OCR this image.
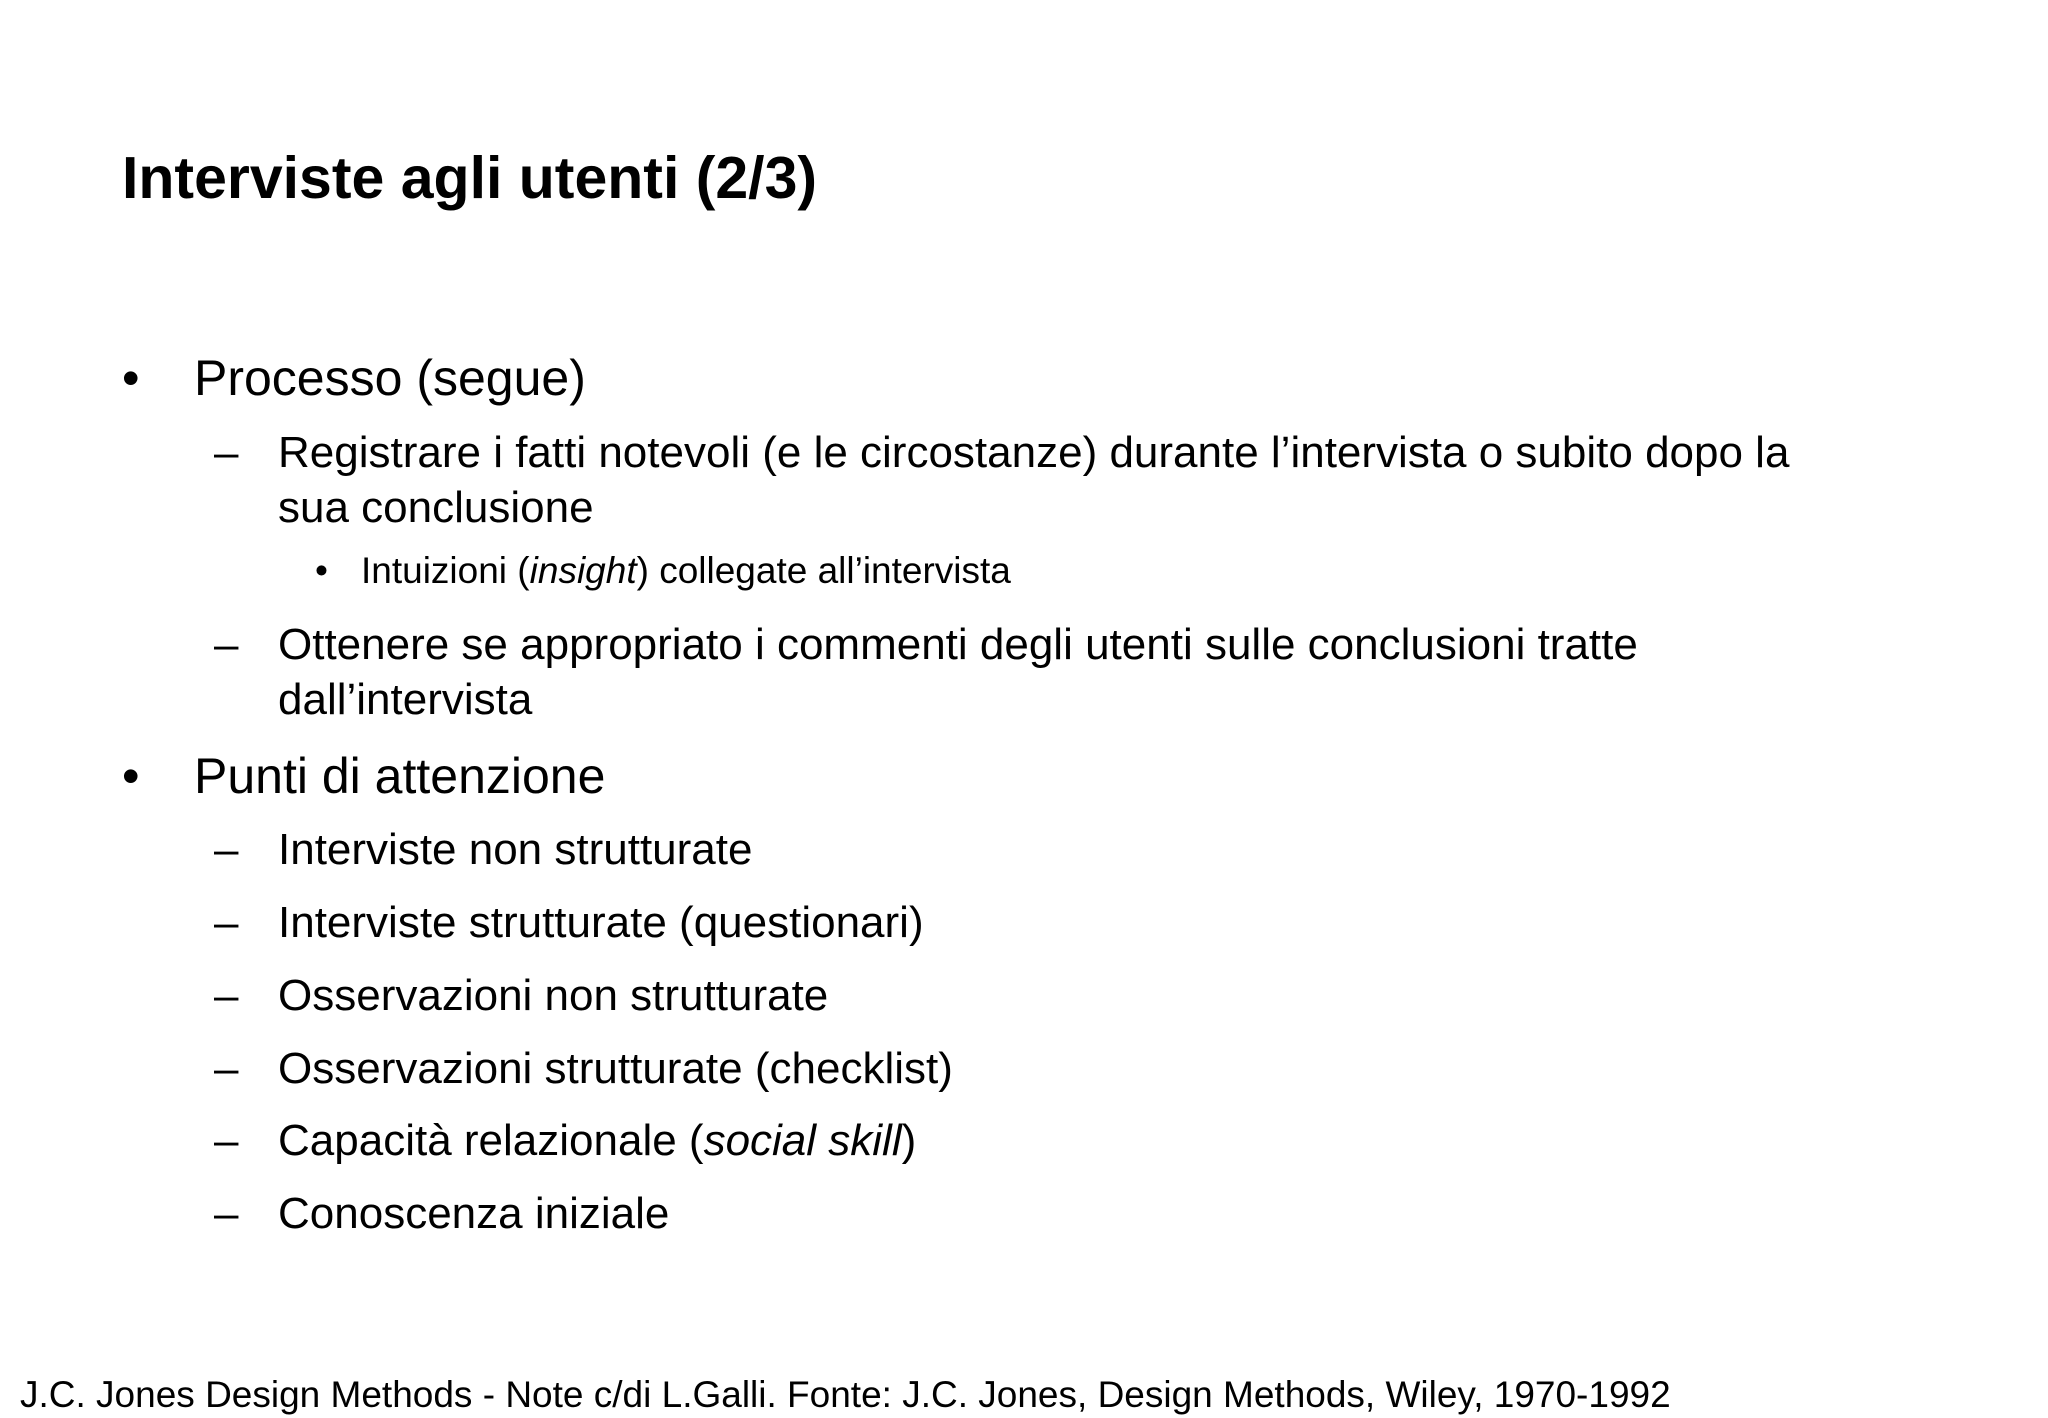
Interviste agli utenti (2/3)
• Processo (segue)
– Registrare i fatti notevoli (e le circostanze) durante l’intervista o subito dopo la
sua conclusione
• Intuizioni (insight) collegate all’intervista
– Ottenere se appropriato i commenti degli utenti sulle conclusioni tratte
dall’intervista
• Punti di attenzione
– Interviste non strutturate
– Interviste strutturate (questionari)
– Osservazioni non strutturate
– Osservazioni strutturate (checklist)
– Capacità relazionale (social skill)
– Conoscenza iniziale
J.C. Jones Design Methods - Note c/di L.Galli. Fonte: J.C. Jones, Design Methods, Wiley, 1970-1992
